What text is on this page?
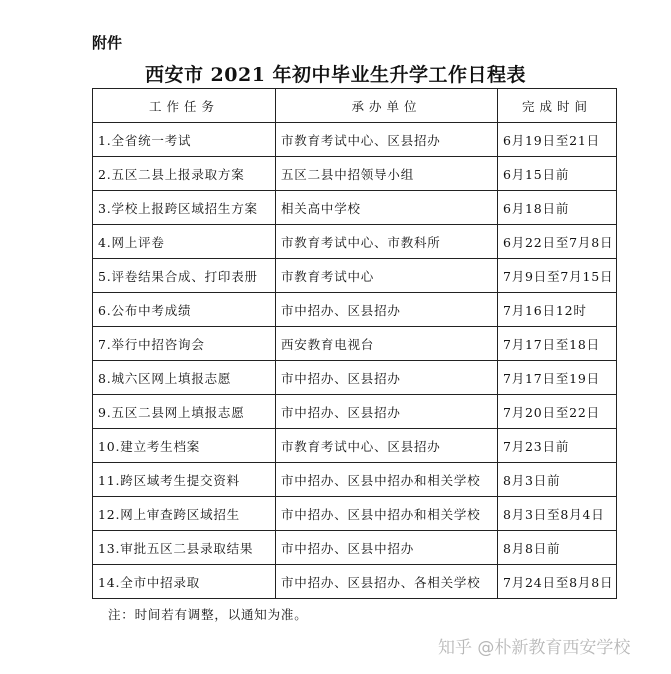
附件
西安市 2021 年初中毕业生升学工作日程表
工作任务	承办单位	完成时间
1.全省统一考试	市教育考试中心、区县招办	6月19日至21日
2.五区二县上报录取方案	五区二县中招领导小组	6月15日前
3.学校上报跨区域招生方案	相关高中学校	6月18日前
4.网上评卷	市教育考试中心、市教科所	6月22日至7月8日
5.评卷结果合成、打印表册	市教育考试中心	7月9日至7月15日
6.公布中考成绩	市中招办、区县招办	7月16日12时
7.举行中招咨询会	西安教育电视台	7月17日至18日
8.城六区网上填报志愿	市中招办、区县招办	7月17日至19日
9.五区二县网上填报志愿	市中招办、区县招办	7月20日至22日
10.建立考生档案	市教育考试中心、区县招办	7月23日前
11.跨区域考生提交资料	市中招办、区县中招办和相关学校	8月3日前
12.网上审查跨区域招生	市中招办、区县中招办和相关学校	8月3日至8月4日
13.审批五区二县录取结果	市中招办、区县中招办	8月8日前
14.全市中招录取	市中招办、区县招办、各相关学校	7月24日至8月8日
注：时间若有调整，以通知为准。
知乎 @朴新教育西安学校
